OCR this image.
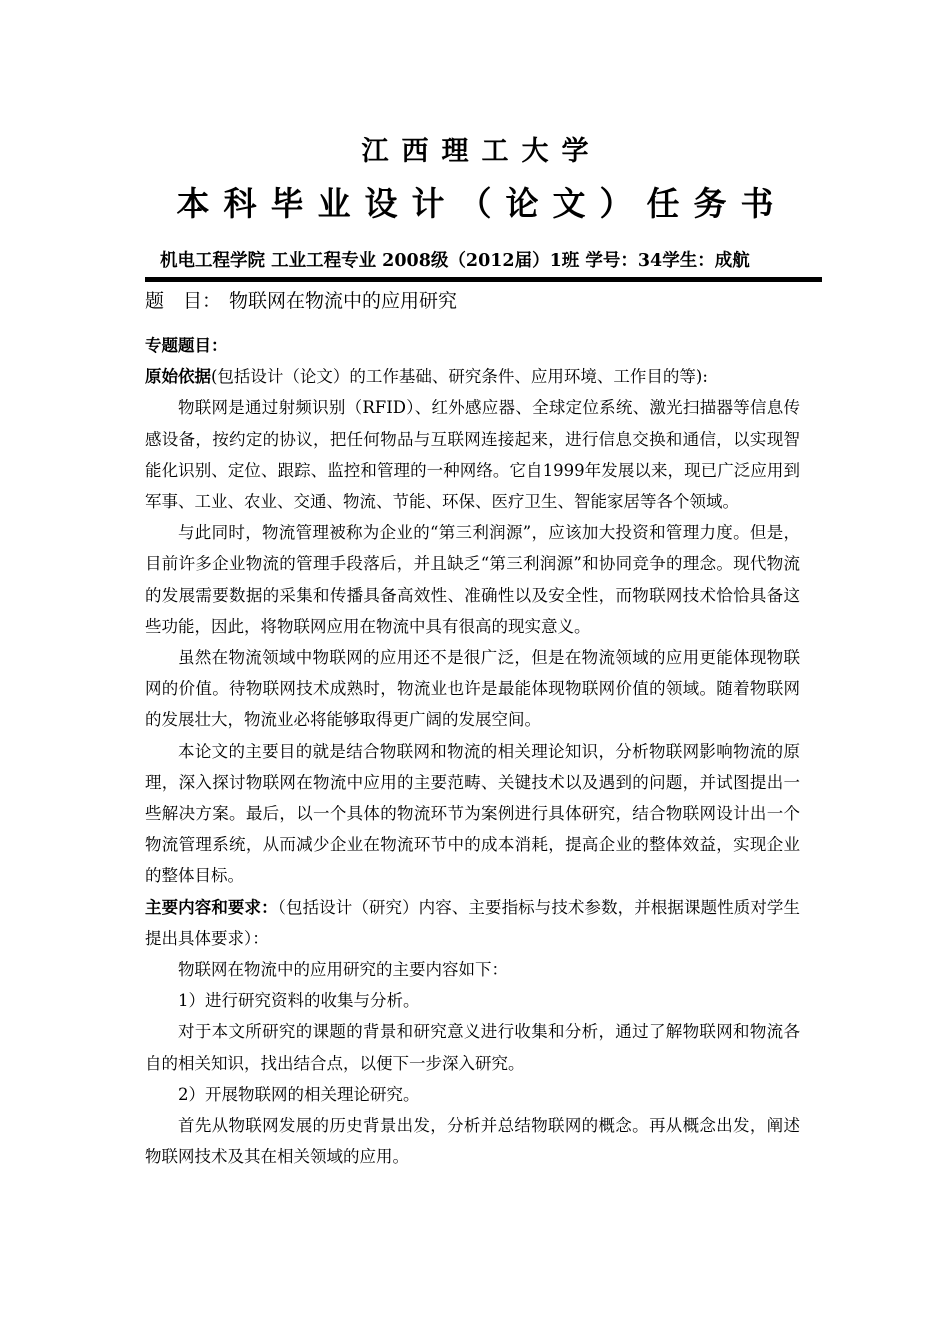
江西理工大学
本科毕业设计（论文）任务书
机电工程学院 工业工程专业 2008级（2012届）1班 学号：34学生：成航
题　目： 物联网在物流中的应用研究

专题题目：

原始依据(包括设计（论文）的工作基础、研究条件、应用环境、工作目的等):

物联网是通过射频识别（RFID）、红外感应器、全球定位系统、激光扫描器等信息传感设备，按约定的协议，把任何物品与互联网连接起来，进行信息交换和通信，以实现智能化识别、定位、跟踪、监控和管理的一种网络。它自1999年发展以来，现已广泛应用到军事、工业、农业、交通、物流、节能、环保、医疗卫生、智能家居等各个领域。

与此同时，物流管理被称为企业的“第三利润源”，应该加大投资和管理力度。但是，目前许多企业物流的管理手段落后，并且缺乏“第三利润源”和协同竞争的理念。现代物流的发展需要数据的采集和传播具备高效性、准确性以及安全性，而物联网技术恰恰具备这些功能，因此，将物联网应用在物流中具有很高的现实意义。

虽然在物流领域中物联网的应用还不是很广泛，但是在物流领域的应用更能体现物联网的价值。待物联网技术成熟时，物流业也许是最能体现物联网价值的领域。随着物联网的发展壮大，物流业必将能够取得更广阔的发展空间。

本论文的主要目的就是结合物联网和物流的相关理论知识，分析物联网影响物流的原理，深入探讨物联网在物流中应用的主要范畴、关键技术以及遇到的问题，并试图提出一些解决方案。最后，以一个具体的物流环节为案例进行具体研究，结合物联网设计出一个物流管理系统，从而减少企业在物流环节中的成本消耗，提高企业的整体效益，实现企业的整体目标。

主要内容和要求：（包括设计（研究）内容、主要指标与技术参数，并根据课题性质对学生提出具体要求）：

物联网在物流中的应用研究的主要内容如下：

1）进行研究资料的收集与分析。

对于本文所研究的课题的背景和研究意义进行收集和分析，通过了解物联网和物流各自的相关知识，找出结合点，以便下一步深入研究。

2）开展物联网的相关理论研究。

首先从物联网发展的历史背景出发，分析并总结物联网的概念。再从概念出发，阐述物联网技术及其在相关领域的应用。
